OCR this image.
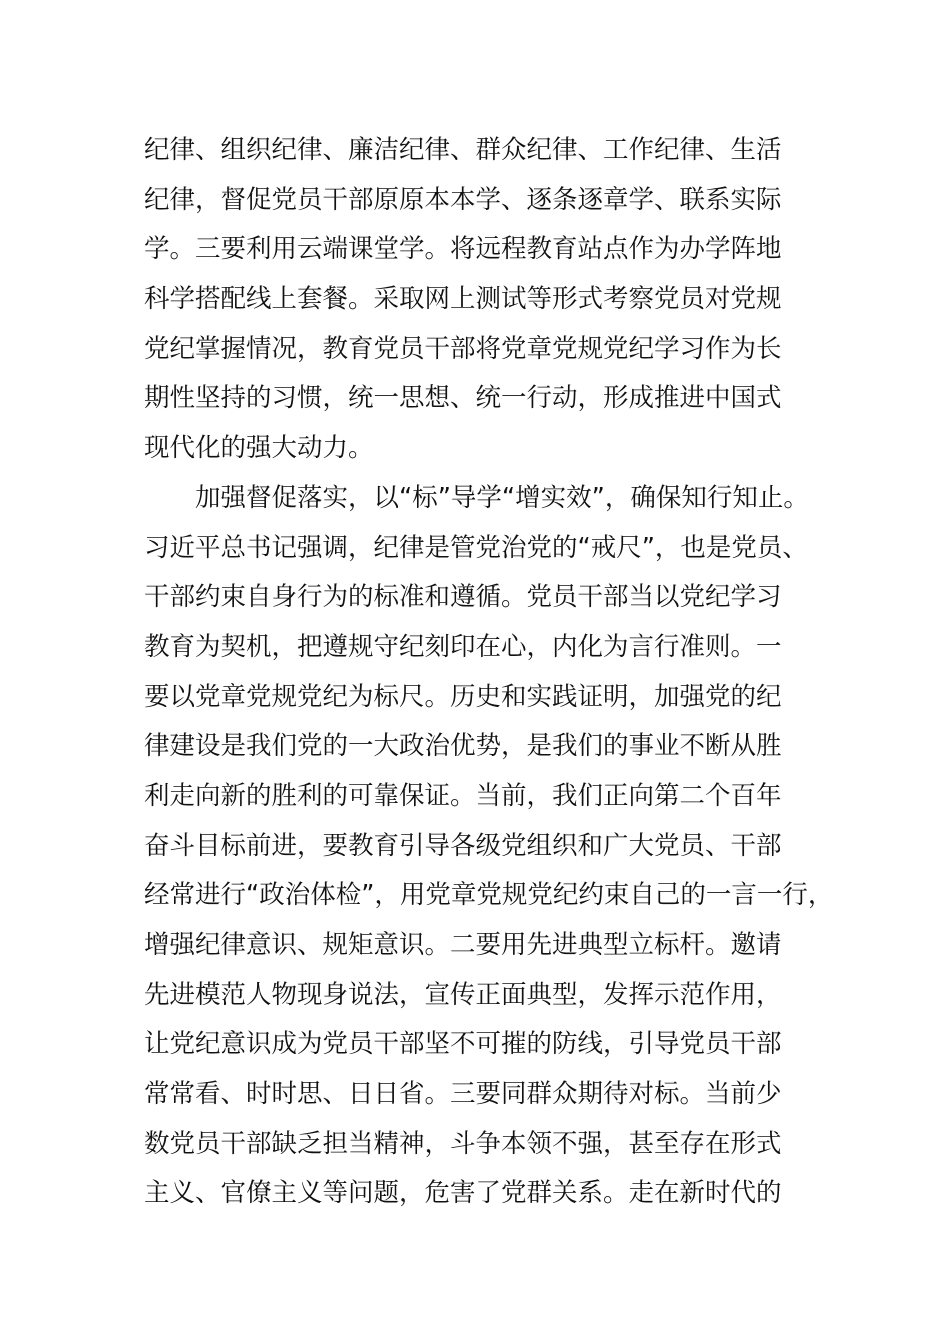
纪律、组织纪律、廉洁纪律、群众纪律、工作纪律、生活
纪律，督促党员干部原原本本学、逐条逐章学、联系实际
学。三要利用云端课堂学。将远程教育站点作为办学阵地
科学搭配线上套餐。采取网上测试等形式考察党员对党规
党纪掌握情况，教育党员干部将党章党规党纪学习作为长
期性坚持的习惯，统一思想、统一行动，形成推进中国式
现代化的强大动力。
加强督促落实，以“标”导学“增实效”，确保知行知止。
习近平总书记强调，纪律是管党治党的“戒尺”，也是党员、
干部约束自身行为的标准和遵循。党员干部当以党纪学习
教育为契机，把遵规守纪刻印在心，内化为言行准则。一
要以党章党规党纪为标尺。历史和实践证明，加强党的纪
律建设是我们党的一大政治优势，是我们的事业不断从胜
利走向新的胜利的可靠保证。当前，我们正向第二个百年
奋斗目标前进，要教育引导各级党组织和广大党员、干部
经常进行“政治体检”，用党章党规党纪约束自己的一言一行，
增强纪律意识、规矩意识。二要用先进典型立标杆。邀请
先进模范人物现身说法，宣传正面典型，发挥示范作用，
让党纪意识成为党员干部坚不可摧的防线，引导党员干部
常常看、时时思、日日省。三要同群众期待对标。当前少
数党员干部缺乏担当精神，斗争本领不强，甚至存在形式
主义、官僚主义等问题，危害了党群关系。走在新时代的
